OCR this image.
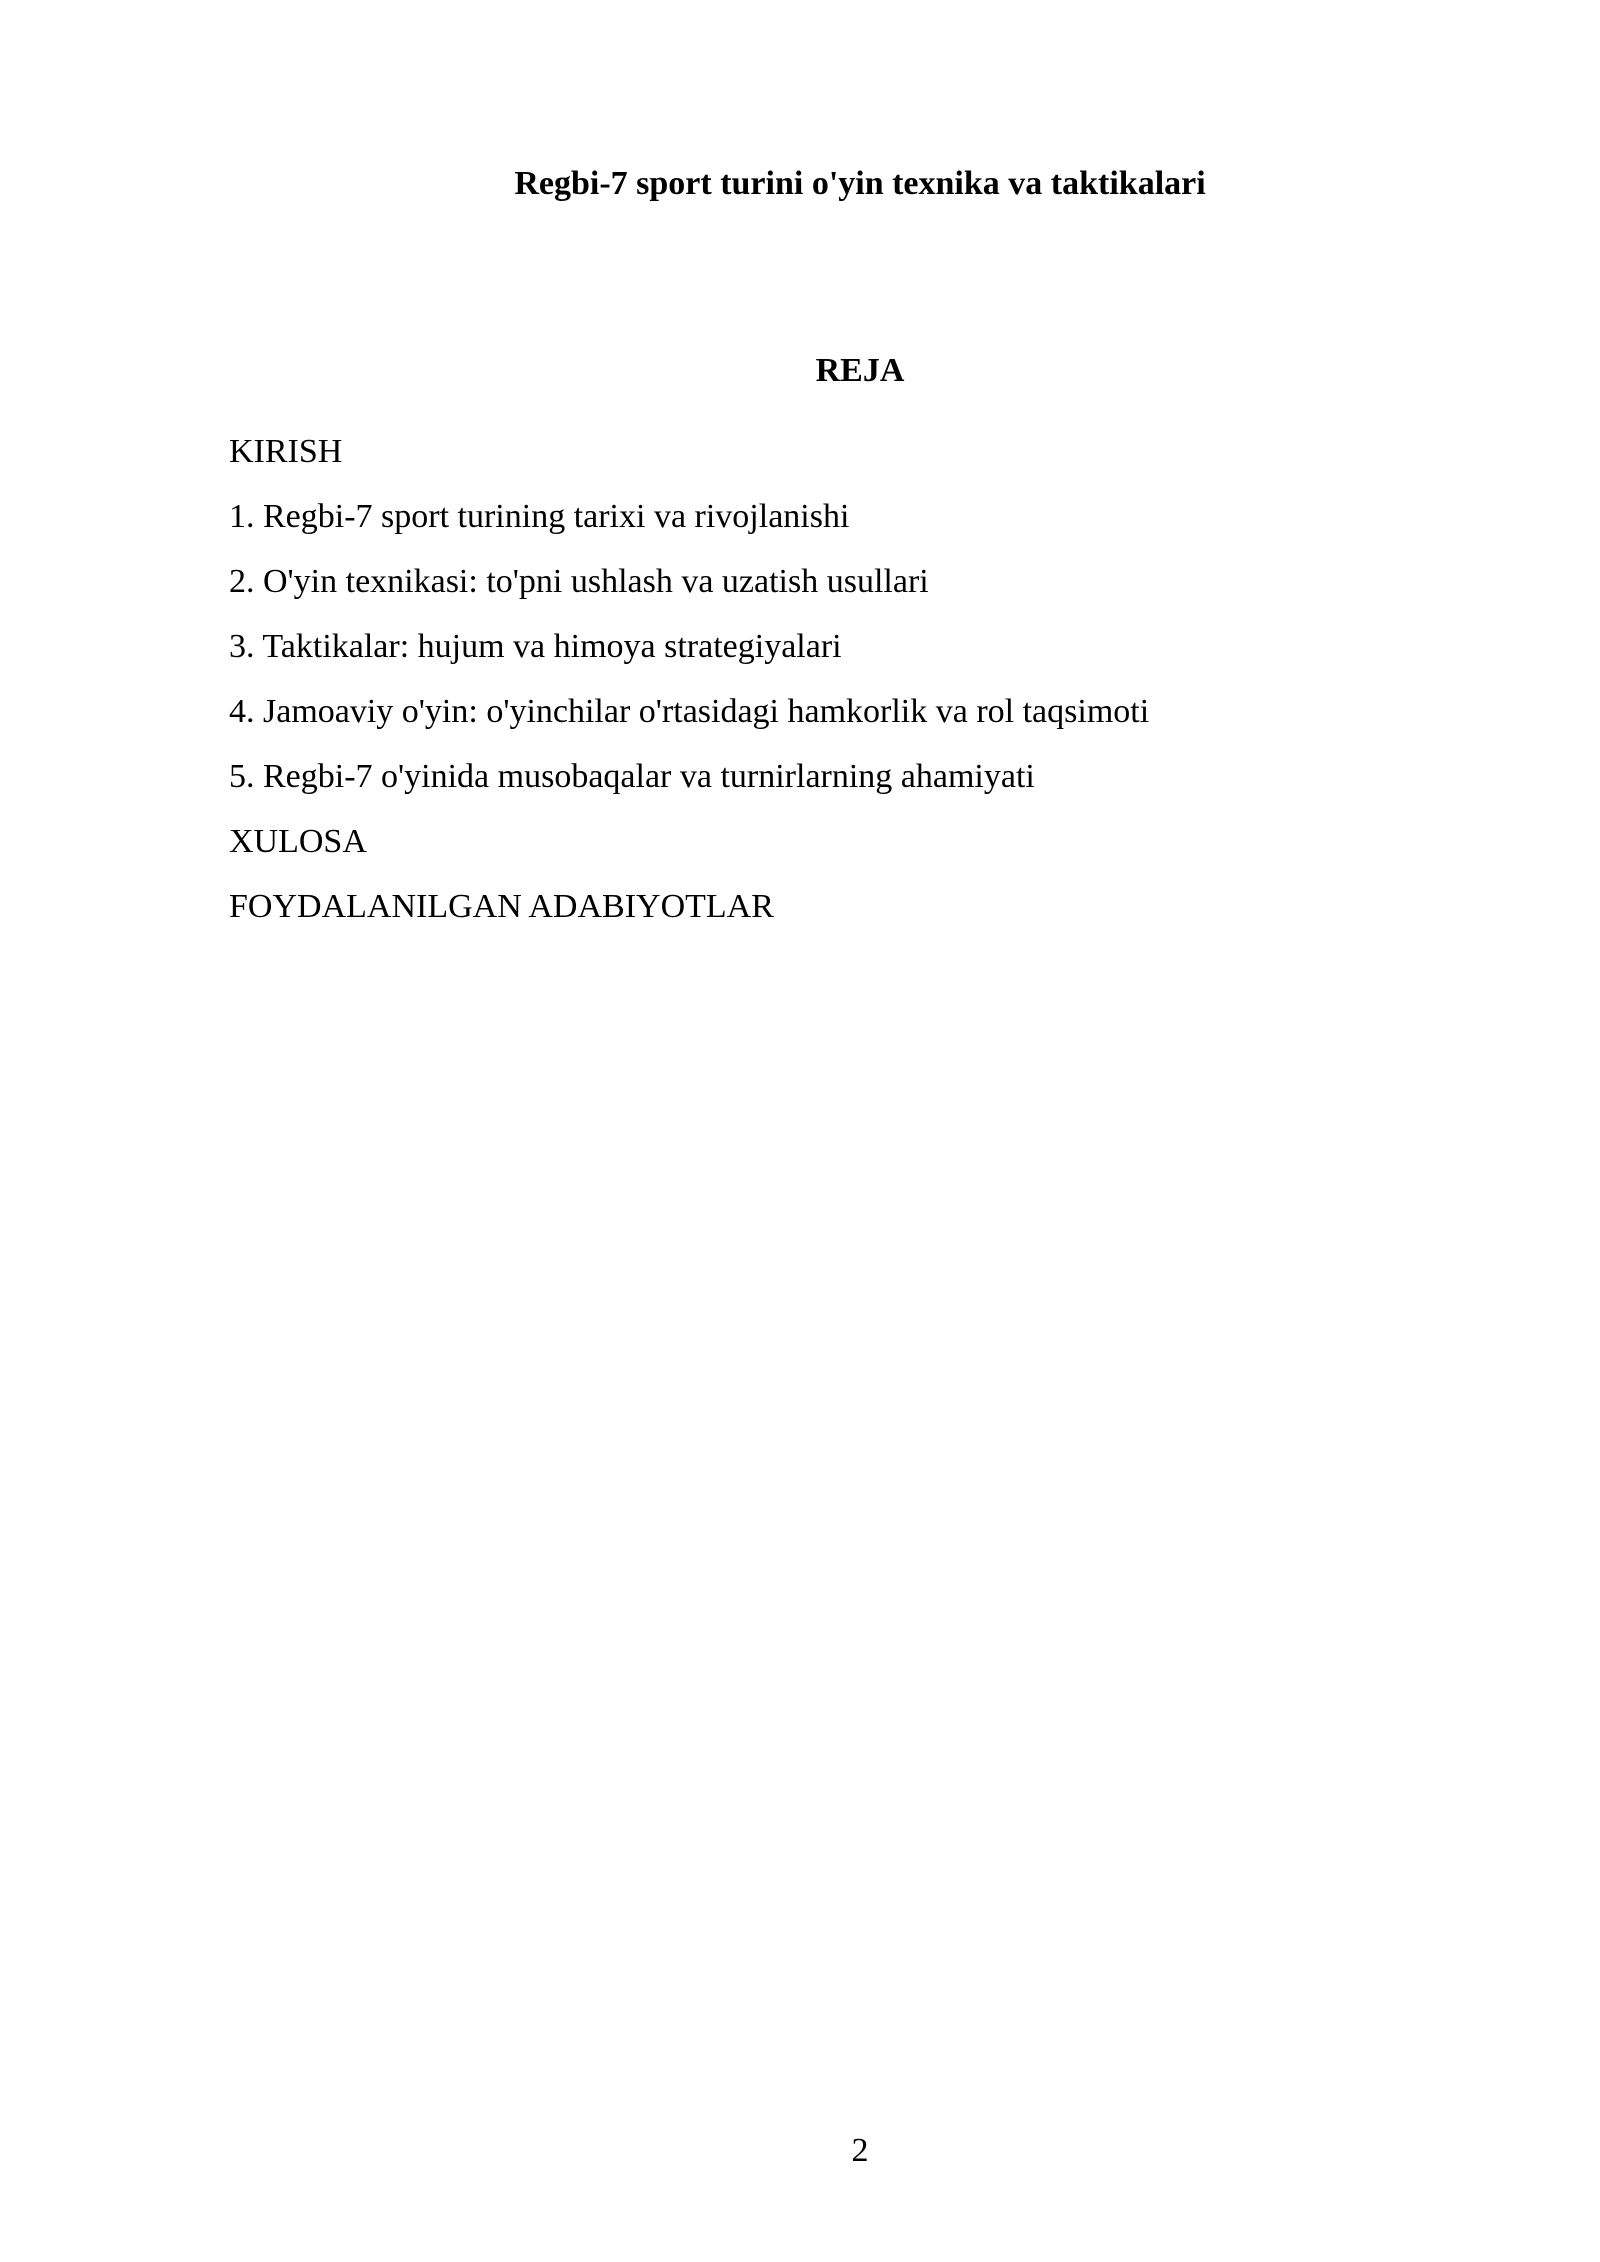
Regbi-7 sport turini o'yin texnika va taktikalari
REJA
KIRISH
1. Regbi-7 sport turining tarixi va rivojlanishi
2. O'yin texnikasi: to'pni ushlash va uzatish usullari
3. Taktikalar: hujum va himoya strategiyalari
4. Jamoaviy o'yin: o'yinchilar o'rtasidagi hamkorlik va rol taqsimoti
5. Regbi-7 o'yinida musobaqalar va turnirlarning ahamiyati
XULOSA
FOYDALANILGAN ADABIYOTLAR
2
